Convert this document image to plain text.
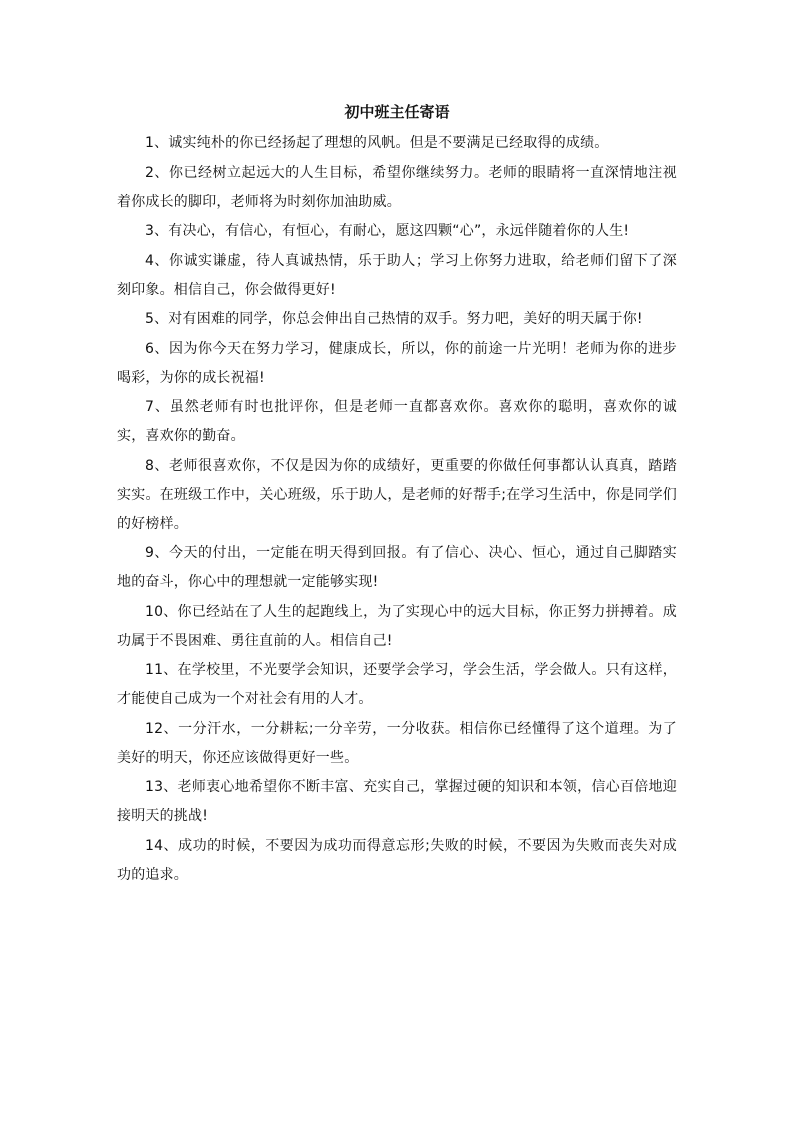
初中班主任寄语
1、诚实纯朴的你已经扬起了理想的风帆。但是不要满足已经取得的成绩。
2、你已经树立起远大的人生目标，希望你继续努力。老师的眼睛将一直深情地注视着你成长的脚印，老师将为时刻你加油助威。
3、有决心，有信心，有恒心，有耐心，愿这四颗“心”，永远伴随着你的人生!
4、你诚实谦虚，待人真诚热情，乐于助人；学习上你努力进取，给老师们留下了深刻印象。相信自己，你会做得更好!
5、对有困难的同学，你总会伸出自己热情的双手。努力吧，美好的明天属于你!
6、因为你今天在努力学习，健康成长，所以，你的前途一片光明！老师为你的进步喝彩，为你的成长祝福!
7、虽然老师有时也批评你，但是老师一直都喜欢你。喜欢你的聪明，喜欢你的诚实，喜欢你的勤奋。
8、老师很喜欢你，不仅是因为你的成绩好，更重要的你做任何事都认认真真，踏踏实实。在班级工作中，关心班级，乐于助人，是老师的好帮手;在学习生活中，你是同学们的好榜样。
9、今天的付出，一定能在明天得到回报。有了信心、决心、恒心，通过自己脚踏实地的奋斗，你心中的理想就一定能够实现!
10、你已经站在了人生的起跑线上，为了实现心中的远大目标，你正努力拼搏着。成功属于不畏困难、勇往直前的人。相信自己!
11、在学校里，不光要学会知识，还要学会学习，学会生活，学会做人。只有这样，才能使自己成为一个对社会有用的人才。
12、一分汗水，一分耕耘;一分辛劳，一分收获。相信你已经懂得了这个道理。为了美好的明天，你还应该做得更好一些。
13、老师衷心地希望你不断丰富、充实自己，掌握过硬的知识和本领，信心百倍地迎接明天的挑战!
14、成功的时候，不要因为成功而得意忘形;失败的时候，不要因为失败而丧失对成功的追求。
